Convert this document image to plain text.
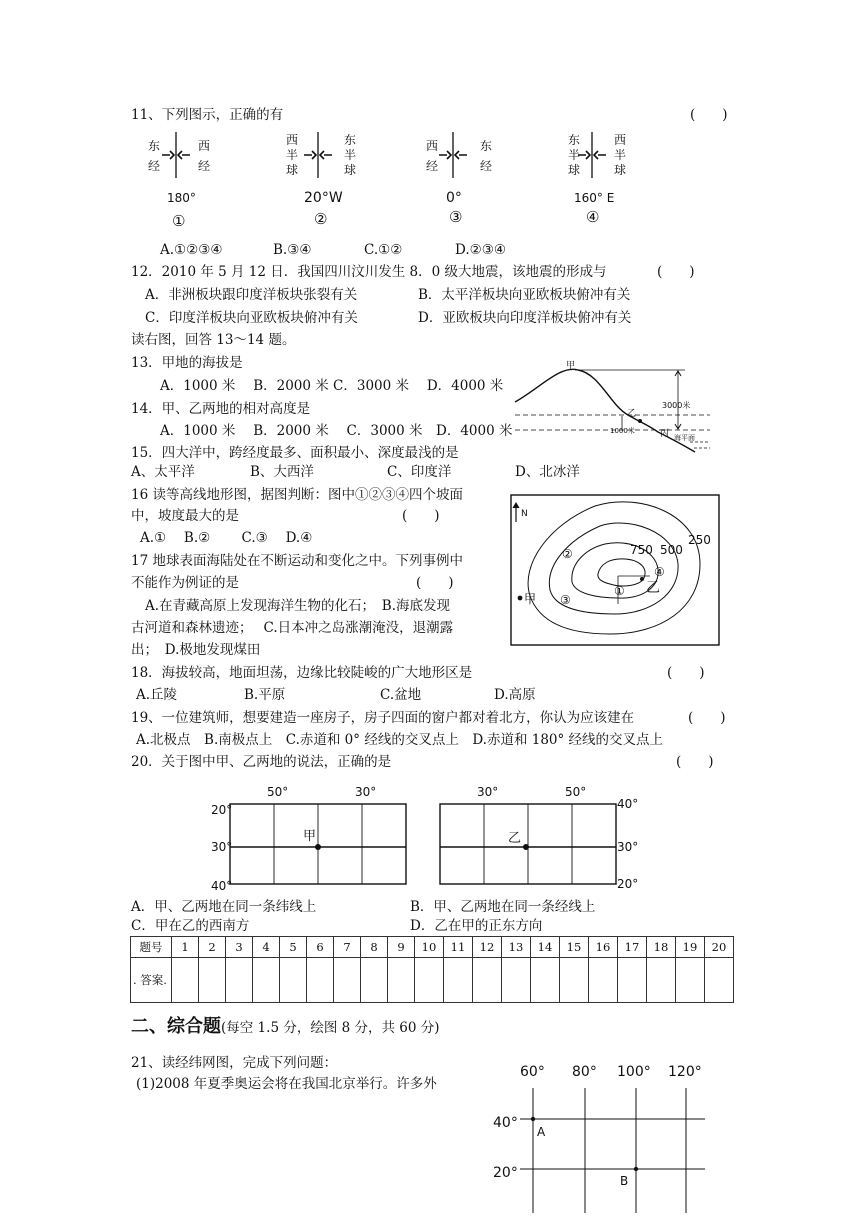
11、下列图示，正确的有	(　　)
东
经
西
经
180°
①
西
半
球
东
半
球
20°W
②
西
经
东
经
0°
③
东
半
球
西
半
球
160° E
④
A.①②③④	B.③④	C.①②	D.②③④
12．2010 年 5 月 12 日．我国四川汶川发生 8．0 级大地震，该地震的形成与	(　　)
A．非洲板块跟印度洋板块张裂有关	B．太平洋板块向亚欧板块俯冲有关
C．印度洋板块向亚欧板块俯冲有关	D．亚欧板块向印度洋板块俯冲有关
读右图，回答 13～14 题。
13．甲地的海拔是
A．1000 米　 B．2000 米 C．3000 米　 D．4000 米
14．甲、乙两地的相对高度是
A．1000 米　 B．2000 米　 C．3000 米　D．4000 米
甲
乙
丙
3000米
1000米
海平面
15．四大洋中，跨经度最多、面积最小、深度最浅的是
A、太平洋	B、大西洋	C、印度洋	D、北冰洋
16 读等高线地形图，据图判断：图中①②③④四个坡面
中，坡度最大的是	(　　)
A.①　 B.②　　 C.③　 D.④
N
750 500
250
甲
乙
②
③
①
④
17 地球表面海陆处在不断运动和变化之中。下列事例中
不能作为例证的是	(　　)
A.在青藏高原上发现海洋生物的化石；　B.海底发现
古河道和森林遗迹；　 C.日本冲之岛涨潮淹没，退潮露
出；　D.极地发现煤田
18．海拔较高，地面坦荡，边缘比较陡峻的广大地形区是	(　　)
A.丘陵	B.平原	C.盆地	D.高原
19、一位建筑师，想要建造一座房子，房子四面的窗户都对着北方，你认为应该建在	(　　)
A.北极点　B.南极点上　C.赤道和 0° 经线的交叉点上　D.赤道和 180° 经线的交叉点上
20．关于图中甲、乙两地的说法，正确的是	(　　)
50°	30°
20°
30°
40°
甲
30°	50°
40°
30°
20°
乙
A．甲、乙两地在同一条纬线上	B．甲、乙两地在同一条经线上
C．甲在乙的西南方	D．乙在甲的正东方向
题号	1	2	3	4	5	6	7	8	9	10	11	12	13	14	15	16	17	18	19	20
. 答案.																				
二、综合题(每空 1.5 分，绘图 8 分，共 60 分)
21、读经纬网图，完成下列问题：
(1)2008 年夏季奥运会将在我国北京举行。许多外
60° 80° 100° 120°
40°
20°
A
B
